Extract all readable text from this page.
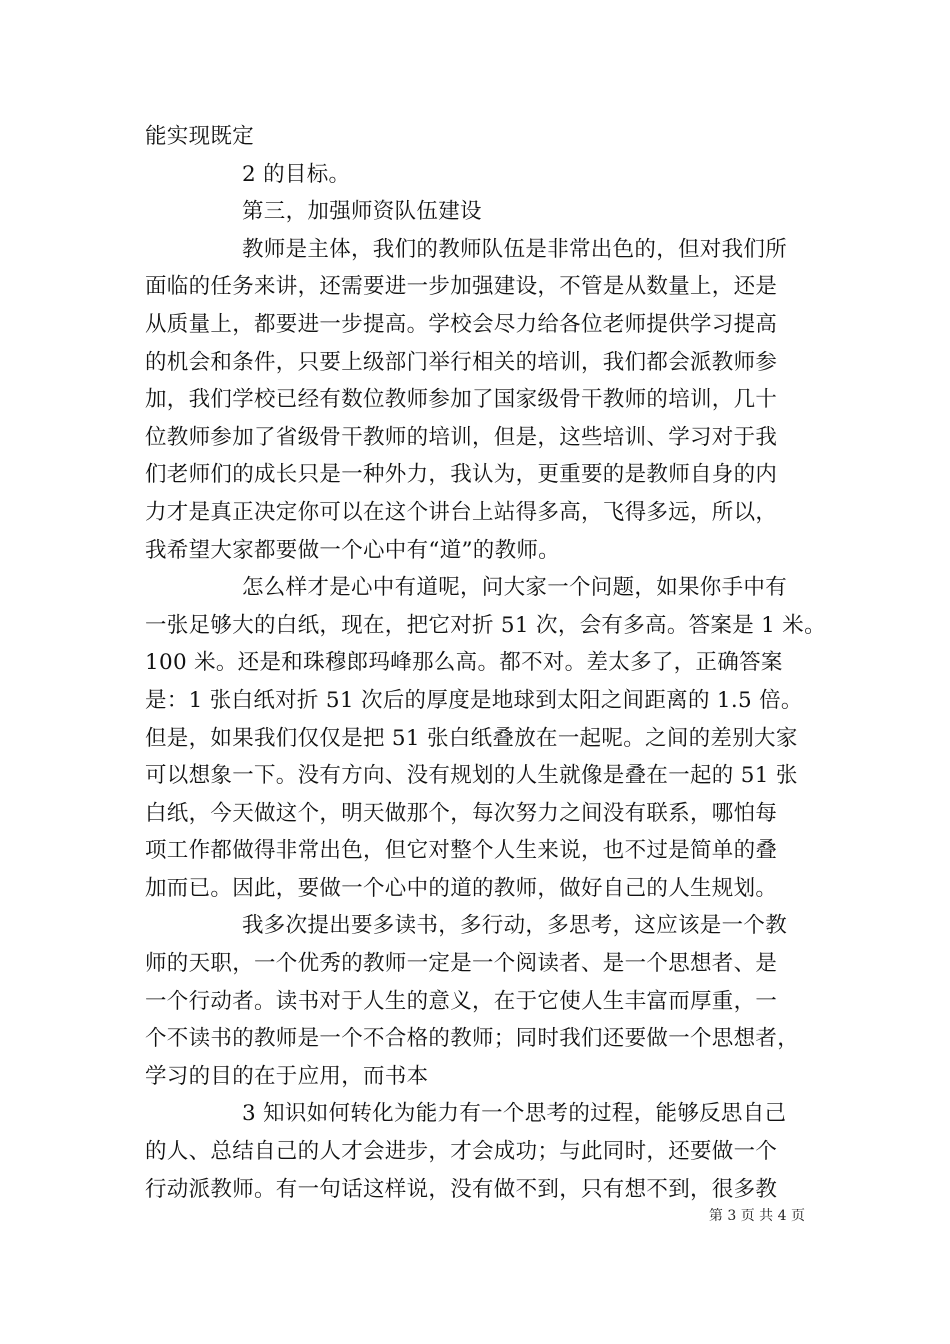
能实现既定
2 的目标。
第三，加强师资队伍建设
教师是主体，我们的教师队伍是非常出色的，但对我们所
面临的任务来讲，还需要进一步加强建设，不管是从数量上，还是
从质量上，都要进一步提高。学校会尽力给各位老师提供学习提高
的机会和条件，只要上级部门举行相关的培训，我们都会派教师参
加，我们学校已经有数位教师参加了国家级骨干教师的培训，几十
位教师参加了省级骨干教师的培训，但是，这些培训、学习对于我
们老师们的成长只是一种外力，我认为，更重要的是教师自身的内
力才是真正决定你可以在这个讲台上站得多高，飞得多远，所以，
我希望大家都要做一个心中有“道”的教师。
怎么样才是心中有道呢，问大家一个问题，如果你手中有
一张足够大的白纸，现在，把它对折 51 次，会有多高。答案是 1 米。
100 米。还是和珠穆郎玛峰那么高。都不对。差太多了，正确答案
是：1 张白纸对折 51 次后的厚度是地球到太阳之间距离的 1.5 倍。
但是，如果我们仅仅是把 51 张白纸叠放在一起呢。之间的差别大家
可以想象一下。没有方向、没有规划的人生就像是叠在一起的 51 张
白纸，今天做这个，明天做那个，每次努力之间没有联系，哪怕每
项工作都做得非常出色，但它对整个人生来说，也不过是简单的叠
加而已。因此，要做一个心中的道的教师，做好自己的人生规划。
我多次提出要多读书，多行动，多思考，这应该是一个教
师的天职，一个优秀的教师一定是一个阅读者、是一个思想者、是
一个行动者。读书对于人生的意义，在于它使人生丰富而厚重，一
个不读书的教师是一个不合格的教师；同时我们还要做一个思想者，
学习的目的在于应用，而书本
3 知识如何转化为能力有一个思考的过程，能够反思自己
的人、总结自己的人才会进步，才会成功；与此同时，还要做一个
行动派教师。有一句话这样说，没有做不到，只有想不到，很多教
第 3 页 共 4 页
